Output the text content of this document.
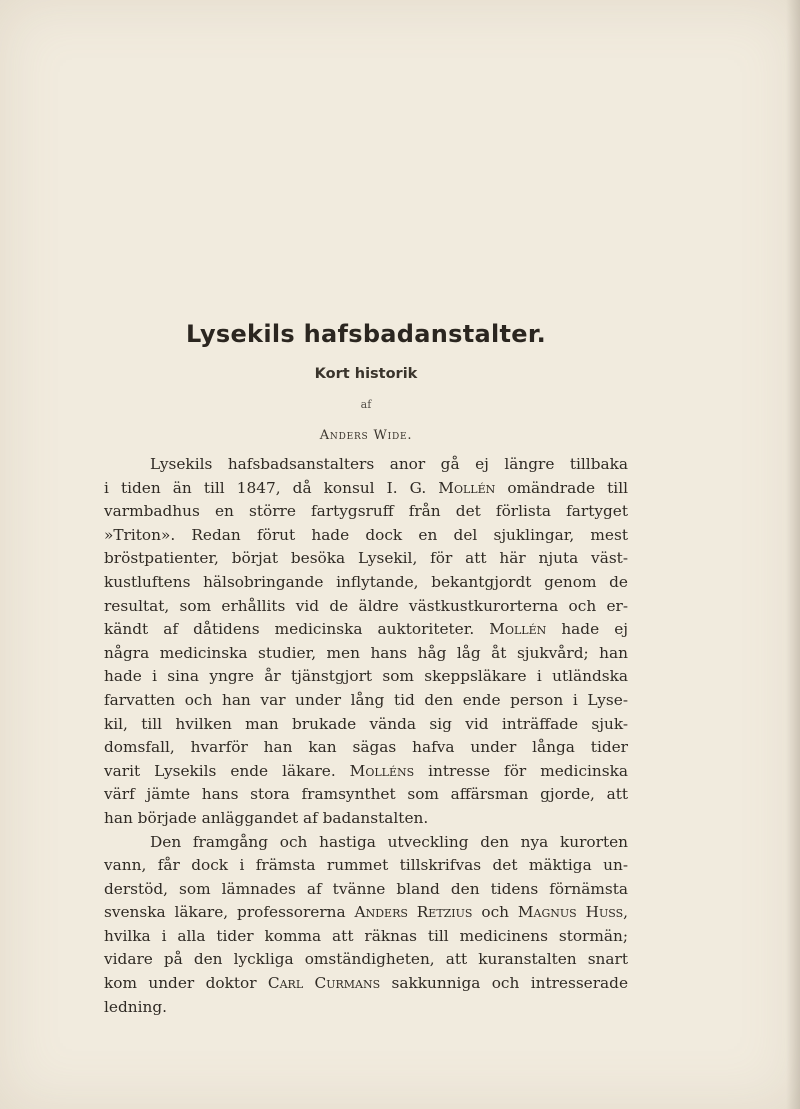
Lysekils hafsbadanstalter.
Kort historik
af
Anders Wide.
Lysekils hafsbadsanstalters anor gå ej längre tillbaka
i tiden än till 1847, då konsul I. G. Mollén omändrade till
varmbadhus en större fartygsruff från det förlista fartyget
»Triton». Redan förut hade dock en del sjuklingar, mest
bröstpatienter, börjat besöka Lysekil, för att här njuta väst-
kustluftens hälsobringande inflytande, bekantgjordt genom de
resultat, som erhållits vid de äldre västkustkurorterna och er-
kändt af dåtidens medicinska auktoriteter. Mollén hade ej
några medicinska studier, men hans håg låg åt sjukvård; han
hade i sina yngre år tjänstgjort som skeppsläkare i utländska
farvatten och han var under lång tid den ende person i Lyse-
kil, till hvilken man brukade vända sig vid inträffade sjuk-
domsfall, hvarför han kan sägas hafva under långa tider
varit Lysekils ende läkare. Molléns intresse för medicinska
värf jämte hans stora framsynthet som affärsman gjorde, att
han började anläggandet af badanstalten.
Den framgång och hastiga utveckling den nya kurorten
vann, får dock i främsta rummet tillskrifvas det mäktiga un-
derstöd, som lämnades af tvänne bland den tidens förnämsta
svenska läkare, professorerna Anders Retzius och Magnus Huss,
hvilka i alla tider komma att räknas till medicinens stormän;
vidare på den lyckliga omständigheten, att kuranstalten snart
kom under doktor Carl Curmans sakkunniga och intresserade
ledning.
